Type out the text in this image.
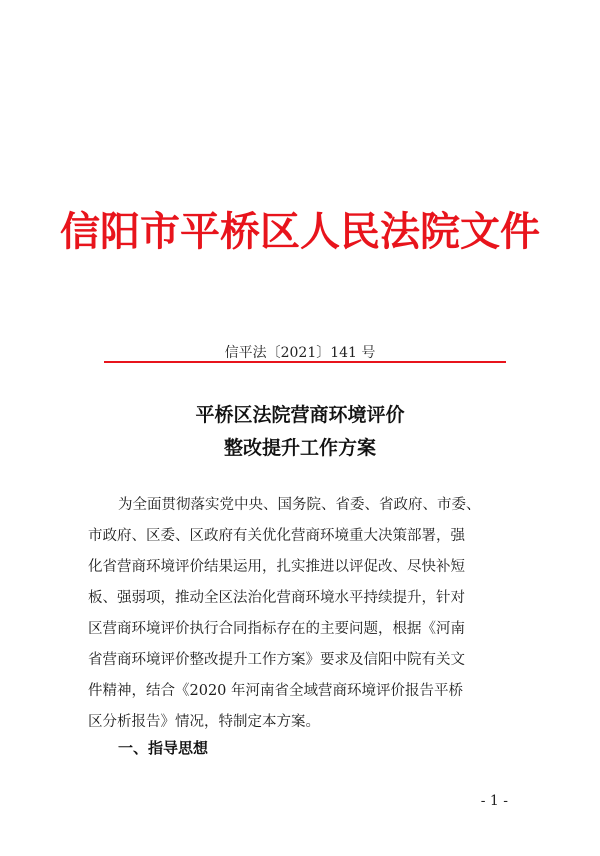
信阳市平桥区人民法院文件
信平法〔2021〕141 号
平桥区法院营商环境评价
整改提升工作方案
为全面贯彻落实党中央、国务院、省委、省政府、市委、
市政府、区委、区政府有关优化营商环境重大决策部署，强
化省营商环境评价结果运用，扎实推进以评促改、尽快补短
板、强弱项，推动全区法治化营商环境水平持续提升，针对
区营商环境评价执行合同指标存在的主要问题，根据《河南
省营商环境评价整改提升工作方案》要求及信阳中院有关文
件精神，结合《2020 年河南省全域营商环境评价报告平桥
区分析报告》情况，特制定本方案。
一、指导思想
- 1 -
